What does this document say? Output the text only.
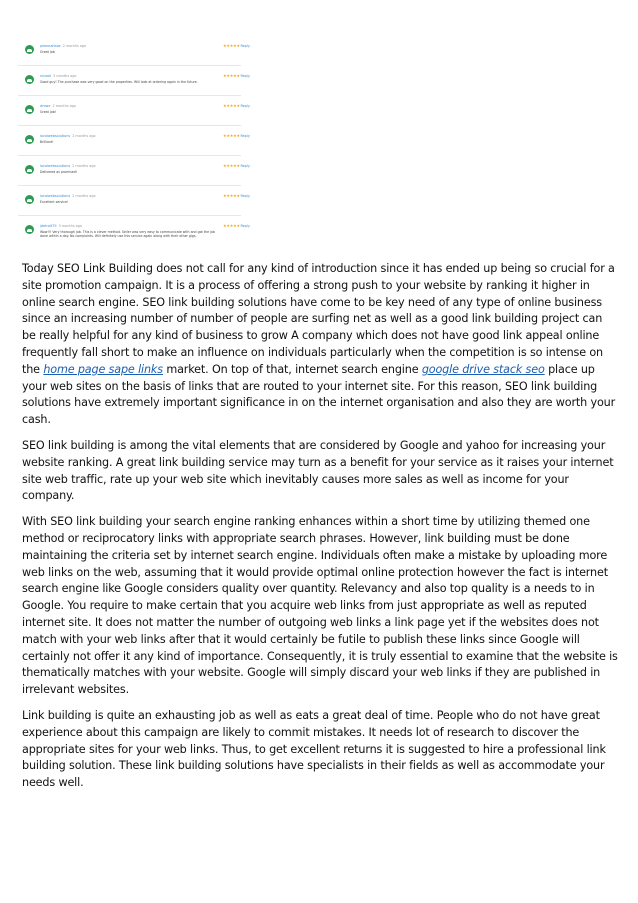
pikemanbox 2 months ago
Great Job
★★★★★Reply
nicoali 3 months ago
Good guy! The purchase was very good on the properties. Will look at ordering again in the future.
★★★★★Reply
drowe 2 months ago
Great Job!
★★★★★Reply
localwebsolutions 2 months ago
Brilliant!
★★★★★Reply
localwebsolutions 2 months ago
Delivered as promised!
★★★★★Reply
localwebsolutions 2 months ago
Excellent service!
★★★★★Reply
jdetroit79 3 months ago
Wow!!! Very thorough job. This is a clever method. Seller was very easy to communicate with and got the job done within a day. No complaints. Will definitely use this service again along with their other gigs.
★★★★★Reply

Today SEO Link Building does not call for any kind of introduction since it has ended up being so crucial for a site promotion campaign. It is a process of offering a strong push to your website by ranking it higher in online search engine. SEO link building solutions have come to be key need of any type of online business since an increasing number of number of people are surfing net as well as a good link building project can be really helpful for any kind of business to grow A company which does not have good link appeal online frequently fall short to make an influence on individuals particularly when the competition is so intense on the home page sape links market. On top of that, internet search engine google drive stack seo place up your web sites on the basis of links that are routed to your internet site. For this reason, SEO link building solutions have extremely important significance in on the internet organisation and also they are worth your cash.

SEO link building is among the vital elements that are considered by Google and yahoo for increasing your website ranking. A great link building service may turn as a benefit for your service as it raises your internet site web traffic, rate up your web site which inevitably causes more sales as well as income for your company.

With SEO link building your search engine ranking enhances within a short time by utilizing themed one method or reciprocatory links with appropriate search phrases. However, link building must be done maintaining the criteria set by internet search engine. Individuals often make a mistake by uploading more web links on the web, assuming that it would provide optimal online protection however the fact is internet search engine like Google considers quality over quantity. Relevancy and also top quality is a needs to in Google. You require to make certain that you acquire web links from just appropriate as well as reputed internet site. It does not matter the number of outgoing web links a link page yet if the websites does not match with your web links after that it would certainly be futile to publish these links since Google will certainly not offer it any kind of importance. Consequently, it is truly essential to examine that the website is thematically matches with your website. Google will simply discard your web links if they are published in irrelevant websites.

Link building is quite an exhausting job as well as eats a great deal of time. People who do not have great experience about this campaign are likely to commit mistakes. It needs lot of research to discover the appropriate sites for your web links. Thus, to get excellent returns it is suggested to hire a professional link building solution. These link building solutions have specialists in their fields as well as accommodate your needs well.
